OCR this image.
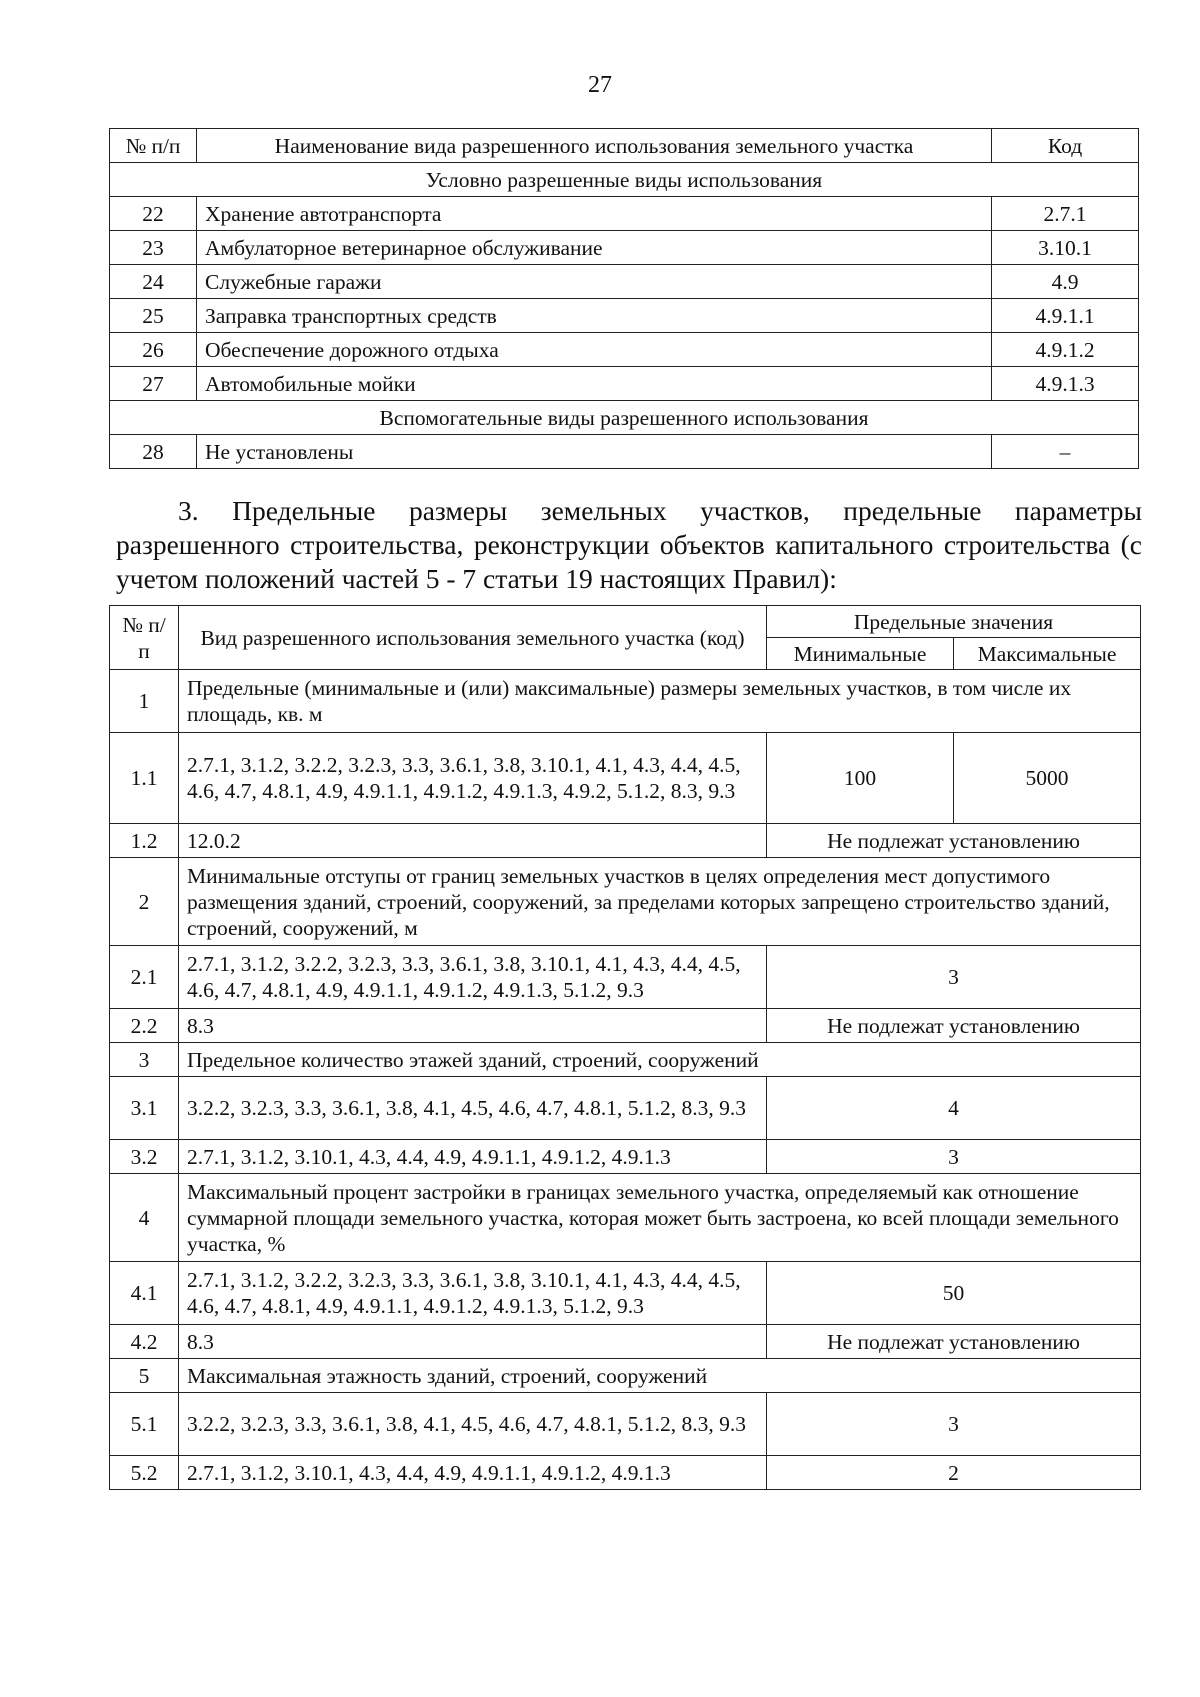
27
№ п/п	Наименование вида разрешенного использования земельного участка	Код
Условно разрешенные виды использования		
22	Хранение автотранспорта	2.7.1
23	Амбулаторное ветеринарное обслуживание	3.10.1
24	Служебные гаражи	4.9
25	Заправка транспортных средств	4.9.1.1
26	Обеспечение дорожного отдыха	4.9.1.2
27	Автомобильные мойки	4.9.1.3
Вспомогательные виды разрешенного использования		
28	Не установлены	–
3. Предельные размеры земельных участков, предельные параметры разрешенного строительства, реконструкции объектов капитального строительства (с учетом положений частей 5 - 7 статьи 19 настоящих Правил):
№ п/п	Вид разрешенного использования земельного участка (код)	Предельные значения	
		Минимальные	Максимальные
1	Предельные (минимальные и (или) максимальные) размеры земельных участков, в том числе их площадь, кв. м		
1.1	2.7.1, 3.1.2, 3.2.2, 3.2.3, 3.3, 3.6.1, 3.8, 3.10.1, 4.1, 4.3, 4.4, 4.5, 4.6, 4.7, 4.8.1, 4.9, 4.9.1.1, 4.9.1.2, 4.9.1.3, 4.9.2, 5.1.2, 8.3, 9.3	100	5000
1.2	12.0.2	Не подлежат установлению	
2	Минимальные отступы от границ земельных участков в целях определения мест допустимого размещения зданий, строений, сооружений, за пределами которых запрещено строительство зданий, строений, сооружений, м		
2.1	2.7.1, 3.1.2, 3.2.2, 3.2.3, 3.3, 3.6.1, 3.8, 3.10.1, 4.1, 4.3, 4.4, 4.5, 4.6, 4.7, 4.8.1, 4.9, 4.9.1.1, 4.9.1.2, 4.9.1.3, 5.1.2, 9.3	3	
2.2	8.3	Не подлежат установлению	
3	Предельное количество этажей зданий, строений, сооружений		
3.1	3.2.2, 3.2.3, 3.3, 3.6.1, 3.8, 4.1, 4.5, 4.6, 4.7, 4.8.1, 5.1.2, 8.3, 9.3	4	
3.2	2.7.1, 3.1.2, 3.10.1, 4.3, 4.4, 4.9, 4.9.1.1, 4.9.1.2, 4.9.1.3	3	
4	Максимальный процент застройки в границах земельного участка, определяемый как отношение суммарной площади земельного участка, которая может быть застроена, ко всей площади земельного участка, %		
4.1	2.7.1, 3.1.2, 3.2.2, 3.2.3, 3.3, 3.6.1, 3.8, 3.10.1, 4.1, 4.3, 4.4, 4.5, 4.6, 4.7, 4.8.1, 4.9, 4.9.1.1, 4.9.1.2, 4.9.1.3, 5.1.2, 9.3	50	
4.2	8.3	Не подлежат установлению	
5	Максимальная этажность зданий, строений, сооружений		
5.1	3.2.2, 3.2.3, 3.3, 3.6.1, 3.8, 4.1, 4.5, 4.6, 4.7, 4.8.1, 5.1.2, 8.3, 9.3	3	
5.2	2.7.1, 3.1.2, 3.10.1, 4.3, 4.4, 4.9, 4.9.1.1, 4.9.1.2, 4.9.1.3	2	
